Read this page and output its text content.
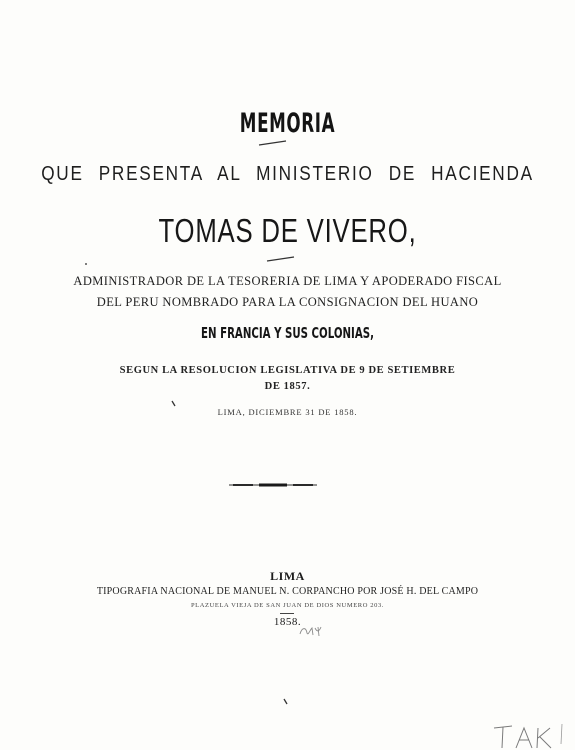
MEMORIA
QUE PRESENTA AL MINISTERIO DE HACIENDA
TOMAS DE VIVERO,
ADMINISTRADOR DE LA TESORERIA DE LIMA Y APODERADO FISCAL
DEL PERU NOMBRADO PARA LA CONSIGNACION DEL HUANO
EN FRANCIA Y SUS COLONIAS,
SEGUN LA RESOLUCION LEGISLATIVA DE 9 DE SETIEMBRE
DE 1857.
LIMA, DICIEMBRE 31 DE 1858.
LIMA
TIPOGRAFIA NACIONAL DE MANUEL N. CORPANCHO POR JOSÉ H. DEL CAMPO
PLAZUELA VIEJA DE SAN JUAN DE DIOS NUMERO 203.
1858.
